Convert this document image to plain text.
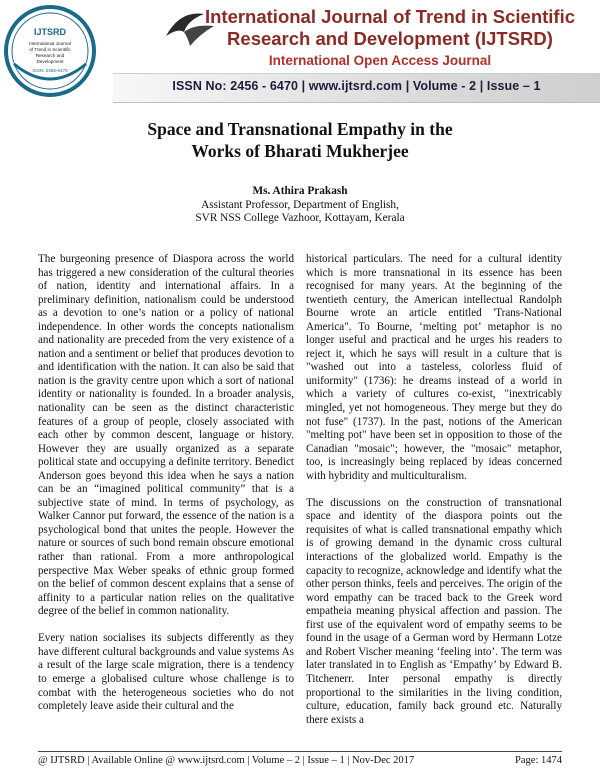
IJTSRD
International Journal
of Trend in Scientific
Research and
Development
ISSN: 2456-6470
International Journal of Trend in Scientific
Research and Development (IJTSRD)
International Open Access Journal
ISSN No: 2456 - 6470 | www.ijtsrd.com | Volume - 2 | Issue – 1
Space and Transnational Empathy in the
Works of Bharati Mukherjee
Ms. Athira Prakash
Assistant Professor, Department of English,
SVR NSS College Vazhoor, Kottayam, Kerala

The burgeoning presence of Diaspora across the world has triggered a new consideration of the cultural theories of nation, identity and international affairs. In a preliminary definition, nationalism could be understood as a devotion to one’s nation or a policy of national independence. In other words the concepts nationalism and nationality are preceded from the very existence of a nation and a sentiment or belief that produces devotion to and identification with the nation. It can also be said that nation is the gravity centre upon which a sort of national identity or nationality is founded. In a broader analysis, nationality can be seen as the distinct characteristic features of a group of people, closely associated with each other by common descent, language or history. However they are usually organized as a separate political state and occupying a definite territory. Benedict Anderson goes beyond this idea when he says a nation can be an “imagined political community” that is a subjective state of mind. In terms of psychology, as Walker Cannor put forward, the essence of the nation is a psychological bond that unites the people. However the nature or sources of such bond remain obscure emotional rather than rational. From a more anthropological perspective Max Weber speaks of ethnic group formed on the belief of common descent explains that a sense of affinity to a particular nation relies on the qualitative degree of the belief in common nationality.

Every nation socialises its subjects differently as they have different cultural backgrounds and value systems As a result of the large scale migration, there is a tendency to emerge a globalised culture whose challenge is to combat with the heterogeneous societies who do not completely leave aside their cultural and the

historical particulars. The need for a cultural identity which is more transnational in its essence has been recognised for many years. At the beginning of the twentieth century, the American intellectual Randolph Bourne wrote an article entitled 'Trans-National America". To Bourne, ‘melting pot’ metaphor is no longer useful and practical and he urges his readers to reject it, which he says will result in a culture that is "washed out into a tasteless, colorless fluid of uniformity" (1736): he dreams instead of a world in which a variety of cultures co-exist, "inextricably mingled, yet not homogeneous. They merge but they do not fuse" (1737). In the past, notions of the American "melting pot" have been set in opposition to those of the Canadian "mosaic"; however, the "mosaic" metaphor, too, is increasingly being replaced by ideas concerned with hybridity and multiculturalism.

The discussions on the construction of transnational space and identity of the diaspora points out the requisites of what is called transnational empathy which is of growing demand in the dynamic cross cultural interactions of the globalized world. Empathy is the capacity to recognize, acknowledge and identify what the other person thinks, feels and perceives. The origin of the word empathy can be traced back to the Greek word empatheia meaning physical affection and passion. The first use of the equivalent word of empathy seems to be found in the usage of a German word by Hermann Lotze and Robert Vischer meaning ‘feeling into’. The term was later translated in to English as ‘Empathy’ by Edward B. Titchenerr. Inter personal empathy is directly proportional to the similarities in the living condition, culture, education, family back ground etc. Naturally there exists a

@ IJTSRD | Available Online @ www.ijtsrd.com | Volume – 2 | Issue – 1 | Nov-Dec 2017	Page: 1474
